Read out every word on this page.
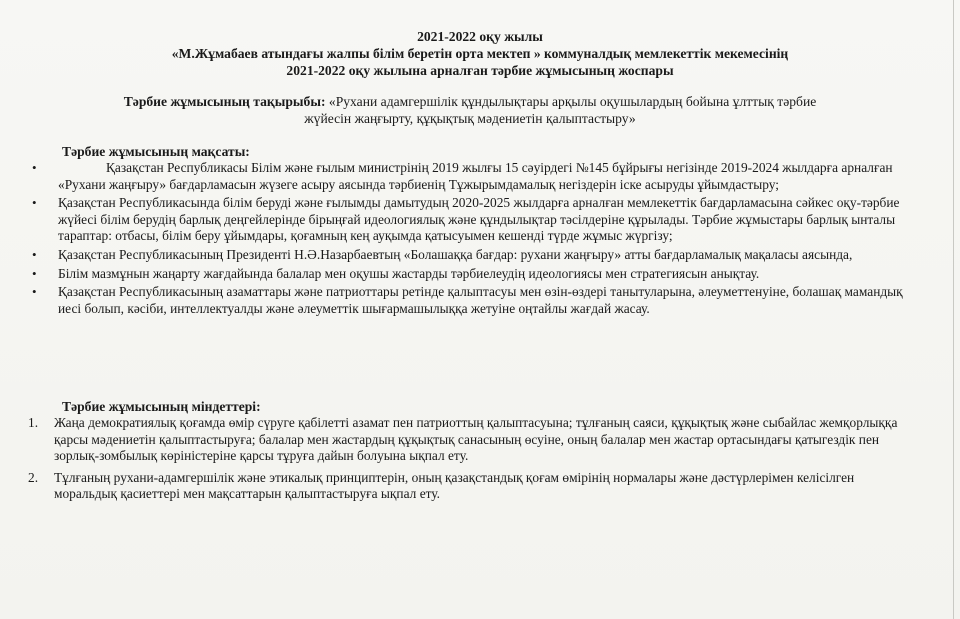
2021-2022 оқу жылы
«М.Жұмабаев атындағы жалпы білім беретін орта мектеп » коммуналдық мемлекеттік мекемесінің
2021-2022 оқу жылына арналған тәрбие жұмысының жоспары
Тәрбие жұмысының тақырыбы: «Рухани адамгершілік құндылықтары арқылы оқушылардың бойына ұлттық тәрбие
жүйесін жаңғырту, құқықтық мәдениетін қалыптастыру»
Тәрбие жұмысының мақсаты:
•	Қазақстан Республикасы Білім және ғылым министрінің 2019 жылғы 15 сәуірдегі №145 бұйрығы негізінде 2019-2024 жылдарға арналған «Рухани жаңғыру» бағдарламасын жүзеге асыру аясында тәрбиенің Тұжырымдамалық негіздерін іске асыруды ұйымдастыру;
•	Қазақстан Республикасында білім беруді және ғылымды дамытудың 2020-2025 жылдарға арналған мемлекеттік бағдарламасына сәйкес оқу-тәрбие жүйесі білім берудің барлық деңгейлерінде бірыңғай идеологиялық және құндылықтар тәсілдеріне құрылады. Тәрбие жұмыстары барлық ынталы тараптар: отбасы, білім беру ұйымдары, қоғамның кең ауқымда қатысуымен кешенді түрде жұмыс жүргізу;
•	Қазақстан Республикасының Президенті Н.Ә.Назарбаевтың «Болашаққа бағдар: рухани жаңғыру» атты бағдарламалық мақаласы аясында,
•	Білім мазмұнын жаңарту жағдайында балалар мен оқушы жастарды тәрбиелеудің идеологиясы мен стратегиясын анықтау.
•	Қазақстан Республикасының азаматтары және патриоттары ретінде қалыптасуы мен өзін-өздері танытуларына, әлеуметтенуіне, болашақ мамандық иесі болып, кәсіби, интеллектуалды және әлеуметтік шығармашылыққа жетуіне оңтайлы жағдай жасау.
Тәрбие жұмысының міндеттері:
1. Жаңа демократиялық қоғамда өмір сүруге қабілетті азамат пен патриоттың қалыптасуына; тұлғаның саяси, құқықтық және сыбайлас жемқорлыққа қарсы мәдениетін қалыптастыруға; балалар мен жастардың құқықтық санасының өсуіне, оның балалар мен жастар ортасындағы қатыгездік пен зорлық-зомбылық көріністеріне қарсы тұруға дайын болуына ықпал ету.
2. Тұлғаның рухани-адамгершілік және этикалық принциптерін, оның қазақстандық қоғам өмірінің нормалары және дәстүрлерімен келісілген моральдық қасиеттері мен мақсаттарын қалыптастыруға ықпал ету.
